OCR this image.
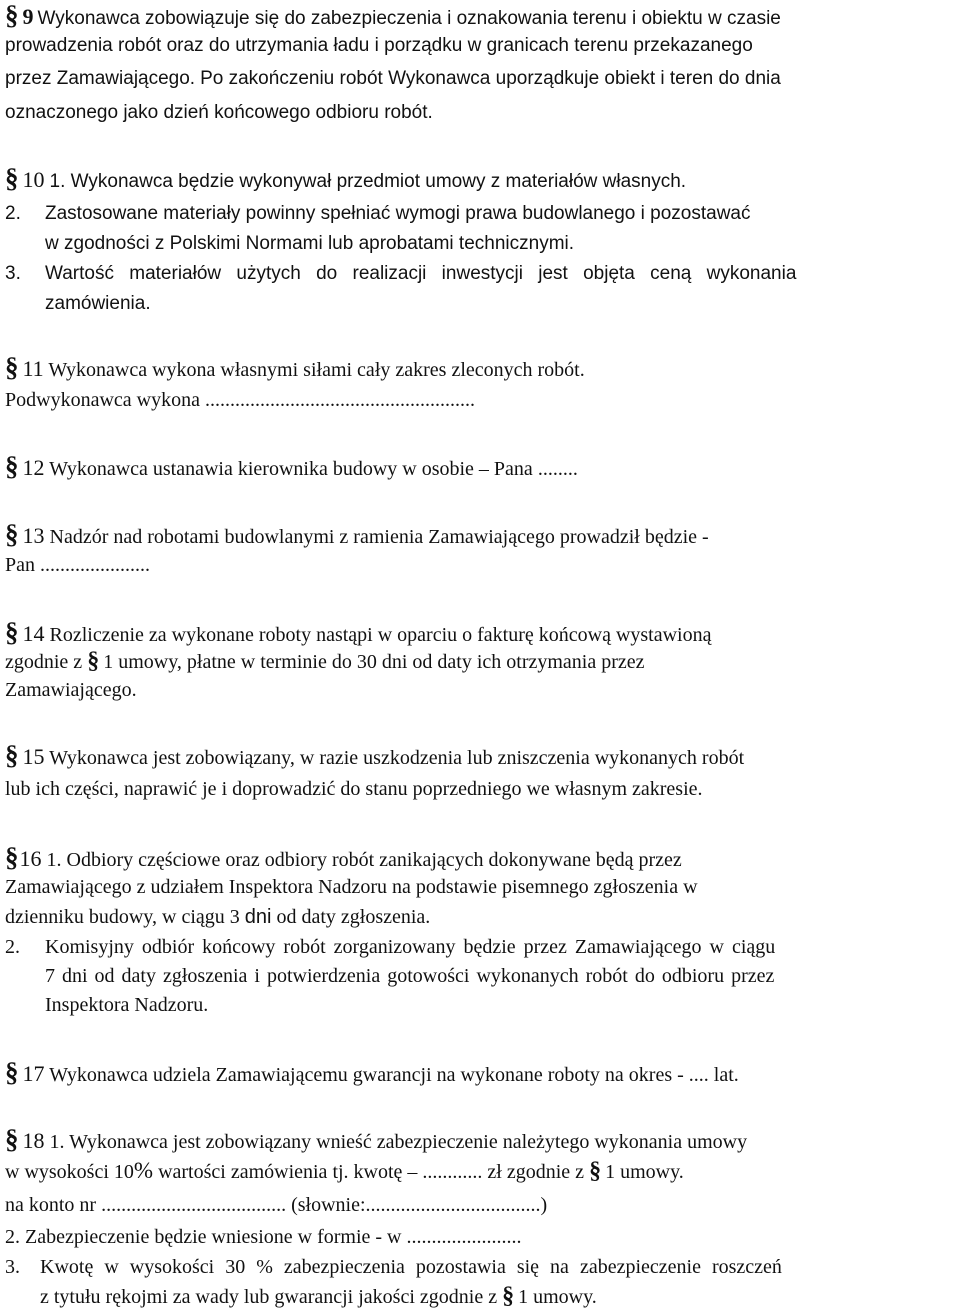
§ 9 Wykonawca zobowiązuje się do zabezpieczenia i oznakowania terenu i obiektu w czasie
prowadzenia robót oraz do utrzymania ładu i porządku w granicach terenu przekazanego
przez Zamawiającego. Po zakończeniu robót Wykonawca uporządkuje obiekt i teren do dnia
oznaczonego jako dzień końcowego odbioru robót.
§ 10 1. Wykonawca będzie wykonywał przedmiot umowy z materiałów własnych.
2. Zastosowane materiały powinny spełniać wymogi prawa budowlanego i pozostawać
w zgodności z Polskimi Normami lub aprobatami technicznymi.
3. Wartość materiałów użytych do realizacji inwestycji jest objęta ceną wykonania
zamówienia.
§ 11 Wykonawca wykona własnymi siłami cały zakres zleconych robót.
Podwykonawca wykona ......................................................
§ 12 Wykonawca ustanawia kierownika budowy w osobie – Pana ........
§ 13 Nadzór nad robotami budowlanymi z ramienia Zamawiającego prowadził będzie -
Pan ......................
§ 14 Rozliczenie za wykonane roboty nastąpi w oparciu o fakturę końcową wystawioną
zgodnie z § 1 umowy, płatne w terminie do 30 dni od daty ich otrzymania przez
Zamawiającego.
§ 15 Wykonawca jest zobowiązany, w razie uszkodzenia lub zniszczenia wykonanych robót
lub ich części, naprawić je i doprowadzić do stanu poprzedniego we własnym zakresie.
§ 16 1. Odbiory częściowe oraz odbiory robót zanikających dokonywane będą przez
Zamawiającego z udziałem Inspektora Nadzoru na podstawie pisemnego zgłoszenia w
dzienniku budowy, w ciągu 3 dni od daty zgłoszenia.
2. Komisyjny odbiór końcowy robót zorganizowany będzie przez Zamawiającego w ciągu
7 dni od daty zgłoszenia i potwierdzenia gotowości wykonanych robót do odbioru przez
Inspektora Nadzoru.
§ 17 Wykonawca udziela Zamawiającemu gwarancji na wykonane roboty na okres - .... lat.
§ 18 1. Wykonawca jest zobowiązany wnieść zabezpieczenie należytego wykonania umowy
w wysokości 10% wartości zamówienia tj. kwotę – ............ zł zgodnie z § 1 umowy.
na konto nr ..................................... (słownie:...................................)
2. Zabezpieczenie będzie wniesione w formie - w .......................
3. Kwotę w wysokości 30 % zabezpieczenia pozostawia się na zabezpieczenie roszczeń
z tytułu rękojmi za wady lub gwarancji jakości zgodnie z § 1 umowy.
